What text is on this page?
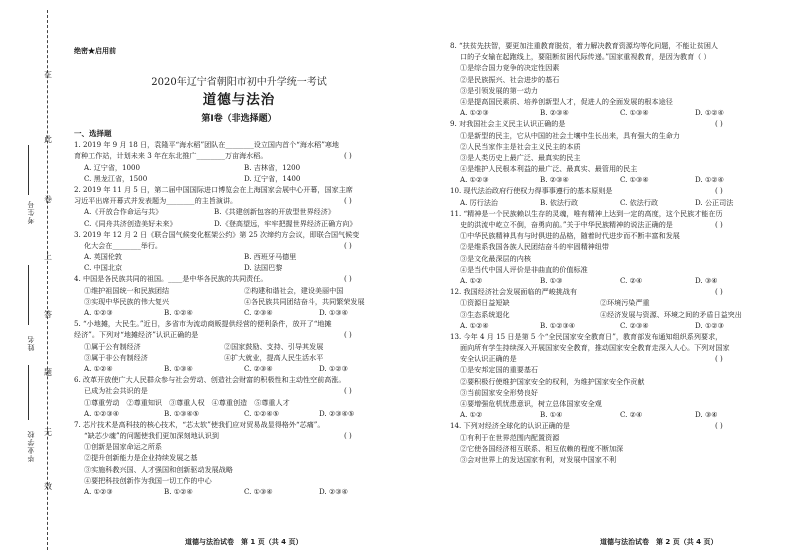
在
此
卷
上
答
题
无
效
考生号
姓名
毕业学校
绝密★启用前
2020年辽宁省朝阳市初中升学统一考试
道德与法治
第Ⅰ卷（非选择题）
一、选择题
1. 2019 年 9 月 18 日，袁隆平“海水稻”团队在________设立国内首个“海水稻”寒地
育种工作站，计划未来 3 年在东北推广________万亩海水稻。	( )
A. 辽宁省，1000	B. 吉林省，1200
C. 黑龙江省，1500	D. 辽宁省，1400
2. 2019 年 11 月 5 日，第二届中国国际进口博览会在上海国家会展中心开幕，国家主席
习近平出席开幕式并发表题为________的主旨演讲。	( )
A.《开放合作命运与共》	B.《共建创新包容的开放型世界经济》
C.《同舟共济创造美好未来》	D.《登高望远，牢牢把握世界经济正确方向》
3. 2019 年 12 月 2 日《联合国气候变化框架公约》第 25 次缔约方会议，即联合国气候变
化大会在________举行。	( )
A. 英国伦敦	B. 西班牙马德里
C. 中国北京	D. 法国巴黎
4. 中国是各民族共同的祖国。____是中华各民族的共同责任。	( )
①维护祖国统一和民族团结	②构建和谐社会，建设美丽中国
③实现中华民族的伟大复兴	④各民族共同团结奋斗，共同繁荣发展
A. ①②③	B. ①②④	C. ②③④	D. ①③④
5. “小地摊，大民生。”近日，多省市为流动商贩提供经营的便利条件，放开了“地摊
经济”。下列对“地摊经济”认识正确的是	( )
①属于公有制经济	②国家鼓励、支持、引导其发展
③属于非公有制经济	④扩大就业，提高人民生活水平
A. ①②④	B. ①③④	C. ②③④	D. ①②③
6. 改革开放使广大人民群众参与社会劳动、创造社会财富的积极性和主动性空前高涨。
已成为社会共识的是	( )
①尊重劳动　②尊重知识　③尊重人权　④尊重创造　⑤尊重人才
A. ①②③④	B. ①③④⑤	C. ①②④⑤	D. ②③④⑤
7. 芯片技术是高科技的核心技术，“芯太软”使我们应对贸易战显得格外“芯痛”。
“缺芯少魂”的问题使我们更加深刻地认识到	( )
①创新是国家命运之所系
②提升创新能力是企业持续发展之基
③实施科教兴国、人才强国和创新驱动发展战略
④要把科技创新作为我国一切工作的中心
A. ①②③	B. ①②④	C. ①③④	D. ②③④
8. “扶贫先扶智，要更加注重教育脱贫，着力解决教育资源均等化问题，不能让贫困人
口的子女输在起跑线上，要阻断贫困代际传递。”国家重视教育，是因为教育（ ）
①是综合国力竞争的决定性因素
②是民族振兴、社会进步的基石
③是引领发展的第一动力
④是提高国民素质、培养创新型人才，促进人的全面发展的根本途径
A. ①②③	B. ②③④	C. ①③④	D. ①②④
9. 对我国社会主义民主认识正确的是	( )
①是新型的民主，它从中国的社会土壤中生长出来，具有强大的生命力
②人民当家作主是社会主义民主的本质
③是人类历史上最广泛、最真实的民主
④是维护人民根本利益的最广泛、最真实、最管用的民主
A. ①②③	B. ②③④	C. ①③④	D. ①②④
10. 现代法治政府行使权力得事事遵行的基本原则是	( )
A. 厉行法治	B. 依法行政	C. 依法行政	D. 公正司法
11. “精神是一个民族赖以生存的灵魂，唯有精神上达到一定的高度，这个民族才能在历
史的洪流中屹立不倒，奋勇向前。”关于中华民族精神的说法正确的是	( )
①中华民族精神具有与时俱进的品格，随着时代进步而不断丰富和发展
②是维系我国各族人民团结奋斗的牢固精神纽带
③是文化最深层的内核
④是当代中国人评价是非曲直的价值标准
A. ①②	B. ①③	C. ②④	D. ③④
12. 我国经济社会发展面临的严峻挑战有	( )
①资源日益短缺	②环境污染严重
③生态系统退化	④经济发展与资源、环境之间的矛盾日益突出
A. ①②④	B. ①②③④	C. ②③④	D. ①②③
13. 今年 4 月 15 日是第 5 个“全民国家安全教育日”，教育部发布通知组织系列要求，
面向所有学生持续深入开展国家安全教育，推动国家安全教育走深入人心。下列对国家
安全认识正确的是	( )
①是安邦定国的重要基石
②要积极行使维护国家安全的权利，为维护国家安全作贡献
③当前国家安全形势良好
④要增强危机忧患意识，树立总体国家安全观
A. ①②	B. ①④	C. ②④	D. ③④
14. 下列对经济全球化的认识正确的是	( )
①有利于在世界范围内配置资源
②它使各国经济相互联系、相互依赖的程度不断加深
③会对世界上的发达国家有利，对发展中国家不利
道德与法治试卷　第 1 页（共 4 页）	道德与法治试卷　第 2 页（共 4 页）
